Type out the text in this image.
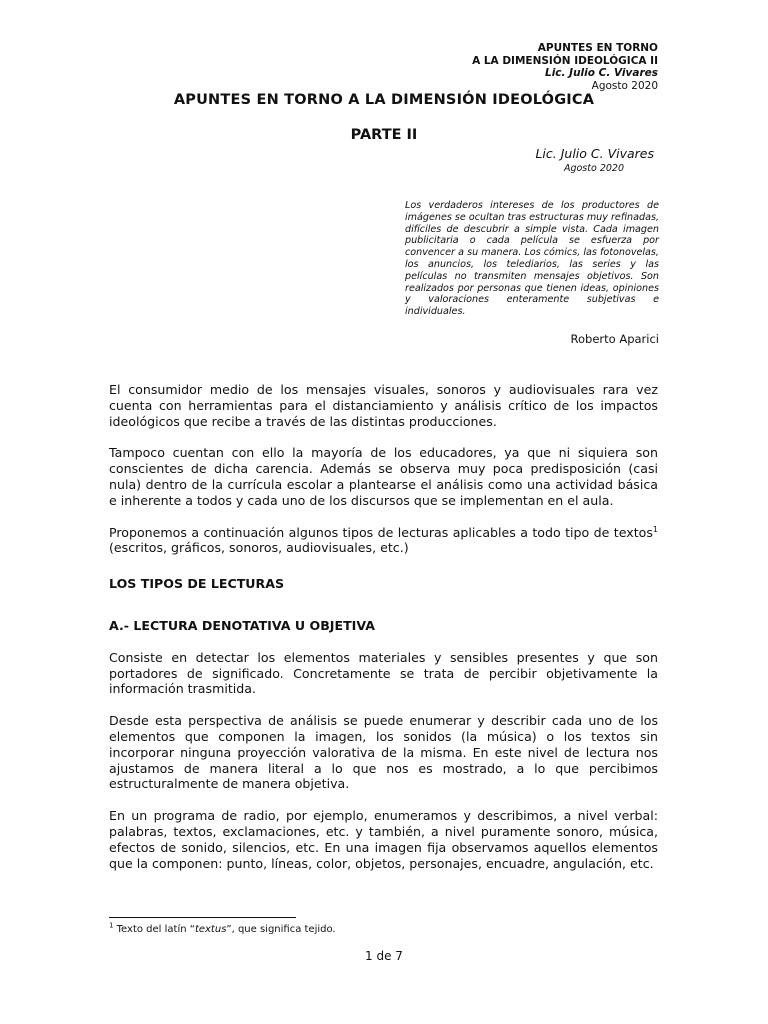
APUNTES EN TORNO
A LA DIMENSIÓN IDEOLÓGICA II
Lic. Julio C. Vivares
Agosto 2020
APUNTES EN TORNO A LA DIMENSIÓN IDEOLÓGICA
PARTE II
Lic. Julio C. Vivares
Agosto 2020
Los verdaderos intereses de los productores de imágenes se ocultan tras estructuras muy refinadas, difíciles de descubrir a simple vista. Cada imagen publicitaria o cada película se esfuerza por convencer a su manera. Los cómics, las fotonovelas, los anuncios, los telediarios, las series y las películas no transmiten mensajes objetivos. Son realizados por personas que tienen ideas, opiniones y valoraciones enteramente subjetivas e individuales.
Roberto Aparici

El consumidor medio de los mensajes visuales, sonoros y audiovisuales rara vez cuenta con herramientas para el distanciamiento y análisis crítico de los impactos ideológicos que recibe a través de las distintas producciones.

Tampoco cuentan con ello la mayoría de los educadores, ya que ni siquiera son conscientes de dicha carencia. Además se observa muy poca predisposición (casi nula) dentro de la currícula escolar a plantearse el análisis como una actividad básica e inherente a todos y cada uno de los discursos que se implementan en el aula.

Proponemos a continuación algunos tipos de lecturas aplicables a todo tipo de textos$^1$ (escritos, gráficos, sonoros, audiovisuales, etc.)

LOS TIPOS DE LECTURAS
A.- LECTURA DENOTATIVA U OBJETIVA

Consiste en detectar los elementos materiales y sensibles presentes y que son portadores de significado. Concretamente se trata de percibir objetivamente la información trasmitida.

Desde esta perspectiva de análisis se puede enumerar y describir cada uno de los elementos que componen la imagen, los sonidos (la música) o los textos sin incorporar ninguna proyección valorativa de la misma. En este nivel de lectura nos ajustamos de manera literal a lo que nos es mostrado, a lo que percibimos estructuralmente de manera objetiva.

En un programa de radio, por ejemplo, enumeramos y describimos, a nivel verbal: palabras, textos, exclamaciones, etc. y también, a nivel puramente sonoro, música, efectos de sonido, silencios, etc. En una imagen fija observamos aquellos elementos que la componen: punto, líneas, color, objetos, personajes, encuadre, angulación, etc.

$^1$ Texto del latín “textus”, que significa tejido.
1 de 7
